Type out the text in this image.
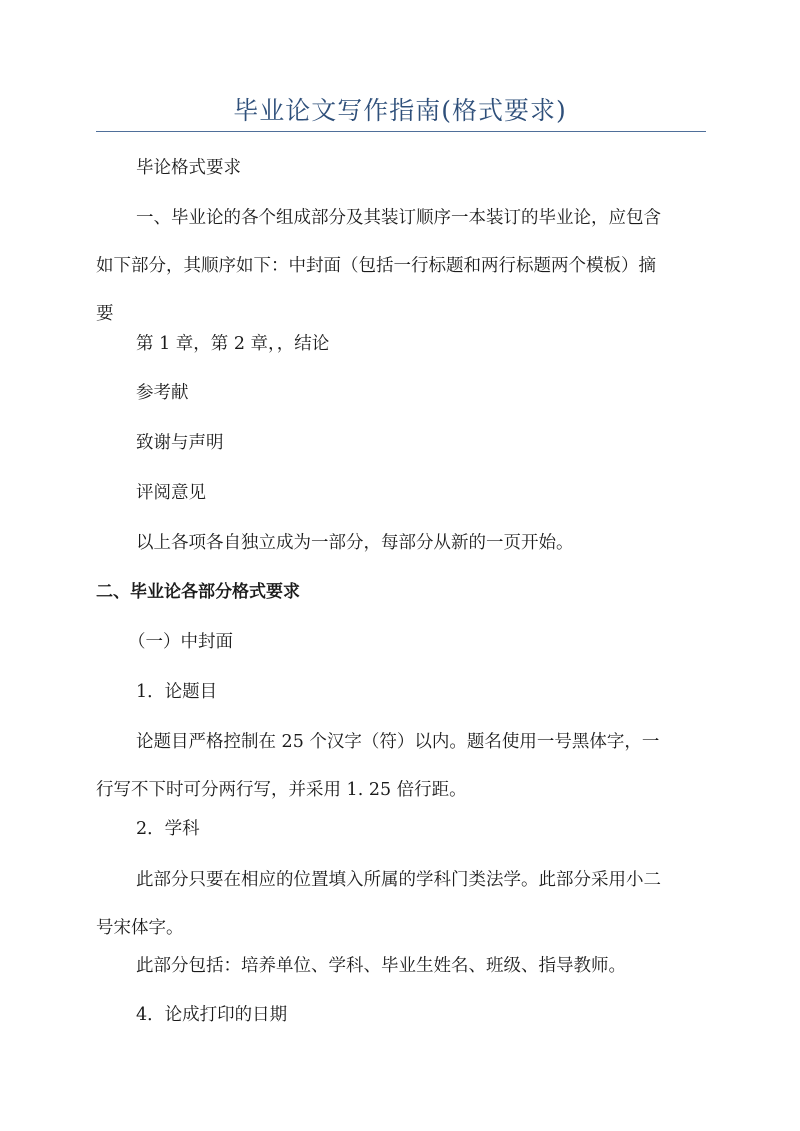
毕业论文写作指南(格式要求)
毕论格式要求
一、毕业论的各个组成部分及其装订顺序一本装订的毕业论，应包含
如下部分，其顺序如下：中封面（包括一行标题和两行标题两个模板）摘
要
第 1 章，第 2 章，，结论
参考献
致谢与声明
评阅意见
以上各项各自独立成为一部分，每部分从新的一页开始。
二、毕业论各部分格式要求
（一）中封面
1．论题目
论题目严格控制在 25 个汉字（符）以内。题名使用一号黑体字，一
行写不下时可分两行写，并采用 1. 25 倍行距。
2．学科
此部分只要在相应的位置填入所属的学科门类法学。此部分采用小二
号宋体字。
此部分包括：培养单位、学科、毕业生姓名、班级、指导教师。
4．论成打印的日期
